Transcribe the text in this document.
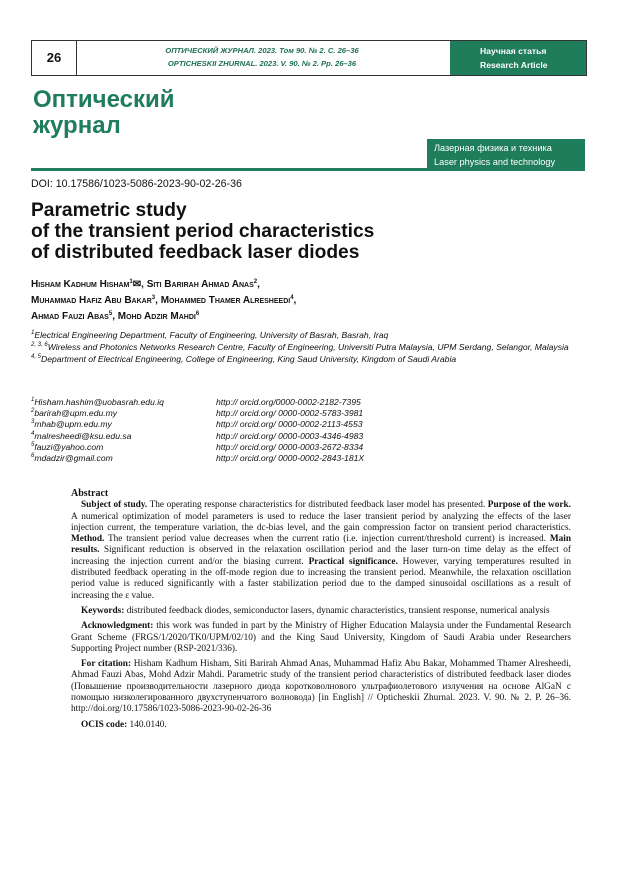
26	ОПТИЧЕСКИЙ ЖУРНАЛ. 2023. Том 90. № 2. С. 26–36
OPTICHESKII ZHURNAL. 2023. V. 90. № 2. Pp. 26–36
Научная статья
Research Article
Оптический
журнал
Лазерная физика и техника
Laser physics and technology
DOI: 10.17586/1023-5086-2023-90-02-26-36
Parametric study
of the transient period characteristics
of distributed feedback laser diodes
Hisham Kadhum Hisham$^1$✉, Siti Barirah Ahmad Anas$^2$,
Muhammad Hafiz Abu Bakar$^3$, Mohammed Thamer Alresheedi$^4$,
Ahmad Fauzi Abas$^5$, Mohd Adzir Mahdi$^6$

$^1$Electrical Engineering Department, Faculty of Engineering, University of Basrah, Basrah, Iraq

$^{2, 3, 6}$Wireless and Photonics Networks Research Centre, Faculty of Engineering, Universiti Putra Malaysia, UPM Serdang, Selangor, Malaysia

$^{4, 5}$Department of Electrical Engineering, College of Engineering, King Saud University, Kingdom of Saudi Arabia

$^1$Hisham.hashim@uobasrah.edu.iq	http:// orcid.org/0000-0002-2182-7395
$^2$barirah@upm.edu.my	http:// orcid.org/ 0000-0002-5783-3981
$^3$mhab@upm.edu.my	http:// orcid.org/ 0000-0002-2113-4553
$^4$malresheedi@ksu.edu.sa	http:// orcid.org/ 0000-0003-4346-4983
$^5$fauzi@yahoo.com	http:// orcid.org/ 0000-0003-2672-8334
$^6$mdadzir@gmail.com	http:// orcid.org/ 0000-0002-2843-181X

Abstract

Subject of study. The operating response characteristics for distributed feedback laser model has presented. Purpose of the work. A numerical optimization of model parameters is used to reduce the laser transient period by analyzing the effects of the laser injection current, the temperature variation, the dc-bias level, and the gain compression factor on transient period characteristics. Method. The transient period value decreases when the current ratio (i.e. injection current/threshold current) is increased. Main results. Significant reduction is observed in the relaxation oscillation period and the laser turn-on time delay as the effect of increasing the injection current and/or the biasing current. Practical significance. However, varying temperatures resulted in distributed feedback operating in the off-mode region due to increasing the transient period. Meanwhile, the relaxation oscillation period value is reduced significantly with a faster stabilization period due to the damped sinusoidal oscillations as a result of increasing the ε value.

Keywords: distributed feedback diodes, semiconductor lasers, dynamic characteristics, transient response, numerical analysis

Acknowledgment: this work was funded in part by the Ministry of Higher Education Malaysia under the Fundamental Research Grant Scheme (FRGS/1/2020/TK0/UPM/02/10) and the King Saud University, Kingdom of Saudi Arabia under Researchers Supporting Project number (RSP-2021/336).

For citation: Hisham Kadhum Hisham, Siti Barirah Ahmad Anas, Muhammad Hafiz Abu Bakar, Mohammed Thamer Alresheedi, Ahmad Fauzi Abas, Mohd Adzir Mahdi. Parametric study of the transient period characteristics of distributed feedback laser diodes (Повышение производительности лазерного диода коротковолнового ультрафиолетового излучения на основе AlGaN с помощью низколегированного двухступенчатого волновода) [in English] // Opticheskii Zhurnal. 2023. V. 90. № 2. P. 26–36. http://doi.org/10.17586/1023-5086-2023-90-02-26-36

OCIS code: 140.0140.
